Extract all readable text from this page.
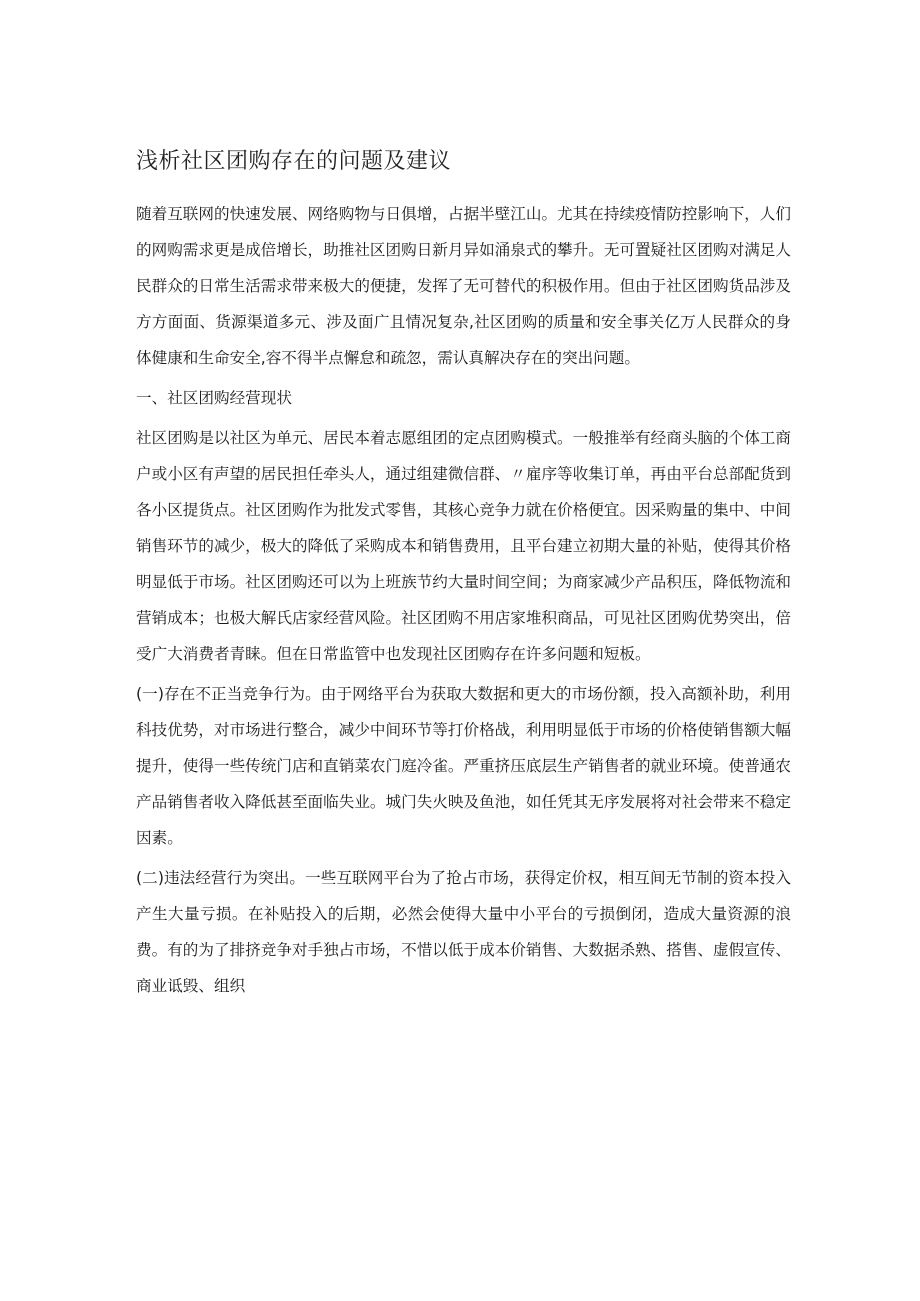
浅析社区团购存在的问题及建议

随着互联网的快速发展、网络购物与日俱增，占据半壁江山。尤其在持续疫情防控影响下，人们的网购需求更是成倍增长，助推社区团购日新月异如涌泉式的攀升。无可置疑社区团购对满足人民群众的日常生活需求带来极大的便捷，发挥了无可替代的积极作用。但由于社区团购货品涉及方方面面、货源渠道多元、涉及面广且情况复杂,社区团购的质量和安全事关亿万人民群众的身体健康和生命安全,容不得半点懈怠和疏忽，需认真解决存在的突出问题。

一、社区团购经营现状

社区团购是以社区为单元、居民本着志愿组团的定点团购模式。一般推举有经商头脑的个体工商户或小区有声望的居民担任牵头人，通过组建微信群、〃雇序等收集订单，再由平台总部配货到各小区提货点。社区团购作为批发式零售，其核心竞争力就在价格便宜。因采购量的集中、中间销售环节的减少，极大的降低了采购成本和销售费用，且平台建立初期大量的补贴，使得其价格明显低于市场。社区团购还可以为上班族节约大量时间空间；为商家减少产品积压，降低物流和营销成本；也极大解氏店家经营风险。社区团购不用店家堆积商品，可见社区团购优势突出，倍受广大消费者青睐。但在日常监管中也发现社区团购存在许多问题和短板。

(一)存在不正当竞争行为。由于网络平台为获取大数据和更大的市场份额，投入高额补助，利用科技优势，对市场进行整合，减少中间环节等打价格战，利用明显低于市场的价格使销售额大幅提升，使得一些传统门店和直销菜农门庭冷雀。严重挤压底层生产销售者的就业环境。使普通农产品销售者收入降低甚至面临失业。城门失火映及鱼池，如任凭其无序发展将对社会带来不稳定因素。

(二)违法经营行为突出。一些互联网平台为了抢占市场，获得定价权，相互间无节制的资本投入产生大量亏损。在补贴投入的后期，必然会使得大量中小平台的亏损倒闭，造成大量资源的浪费。有的为了排挤竞争对手独占市场，不惜以低于成本价销售、大数据杀熟、搭售、虚假宣传、商业诋毁、组织
